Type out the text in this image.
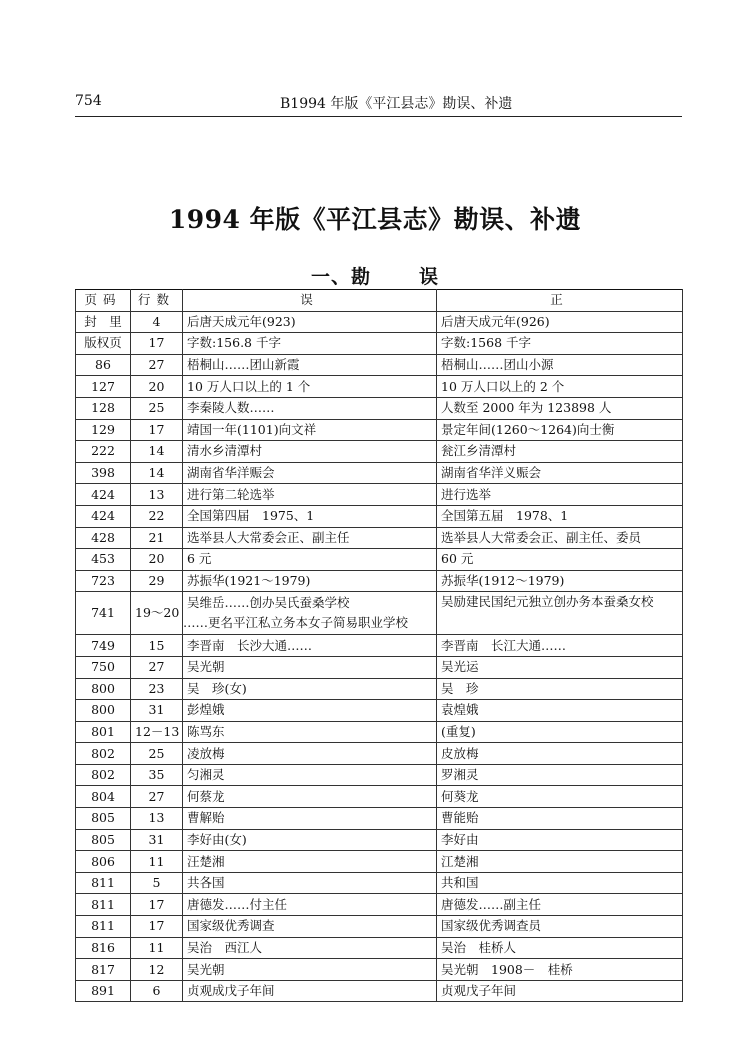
754	B1994 年版《平江县志》勘误、补遗
1994 年版《平江县志》勘误、补遗
一、勘	误
页码	行数	误	正
封　里	4	后唐天成元年(923)	后唐天成元年(926)
版权页	17	字数:156.8 千字	字数:1568 千字
86	27	梧桐山……团山新霞	梧桐山……团山小源
127	20	10 万人口以上的 1 个	10 万人口以上的 2 个
128	25	李秦陵人数……	人数至 2000 年为 123898 人
129	17	靖国一年(1101)向文祥	景定年间(1260～1264)向士衡
222	14	清水乡清潭村	瓮江乡清潭村
398	14	湖南省华洋赈会	湖南省华洋义赈会
424	13	进行第二轮选举	进行选举
424	22	全国第四届　1975、1	全国第五届　1978、1
428	21	选举县人大常委会正、副主任	选举县人大常委会正、副主任、委员
453	20	6 元	60 元
723	29	苏振华(1921～1979)	苏振华(1912～1979)
741	19～20	吴维岳……创办吴氏蚕桑学校
……更名平江私立务本女子简易职业学校	吴励建民国纪元独立创办务本蚕桑女校
749	15	李晋南　长沙大通……	李晋南　长江大通……
750	27	吴光朝	吴光运
800	23	吴　珍(女)	吴　珍
800	31	彭煌娥	袁煌娥
801	12－13	陈骂东	(重复)
802	25	凌放梅	皮放梅
802	35	匀湘灵	罗湘灵
804	27	何蔡龙	何葵龙
805	13	曹解贻	曹能贻
805	31	李好由(女)	李好由
806	11	汪楚湘	江楚湘
811	5	共各国	共和国
811	17	唐德发……付主任	唐德发……副主任
811	17	国家级优秀调查	国家级优秀调查员
816	11	吴治　西江人	吴治　桂桥人
817	12	吴光朝	吴光朝　1908－　桂桥
891	6	贞观成戊子年间	贞观戊子年间
